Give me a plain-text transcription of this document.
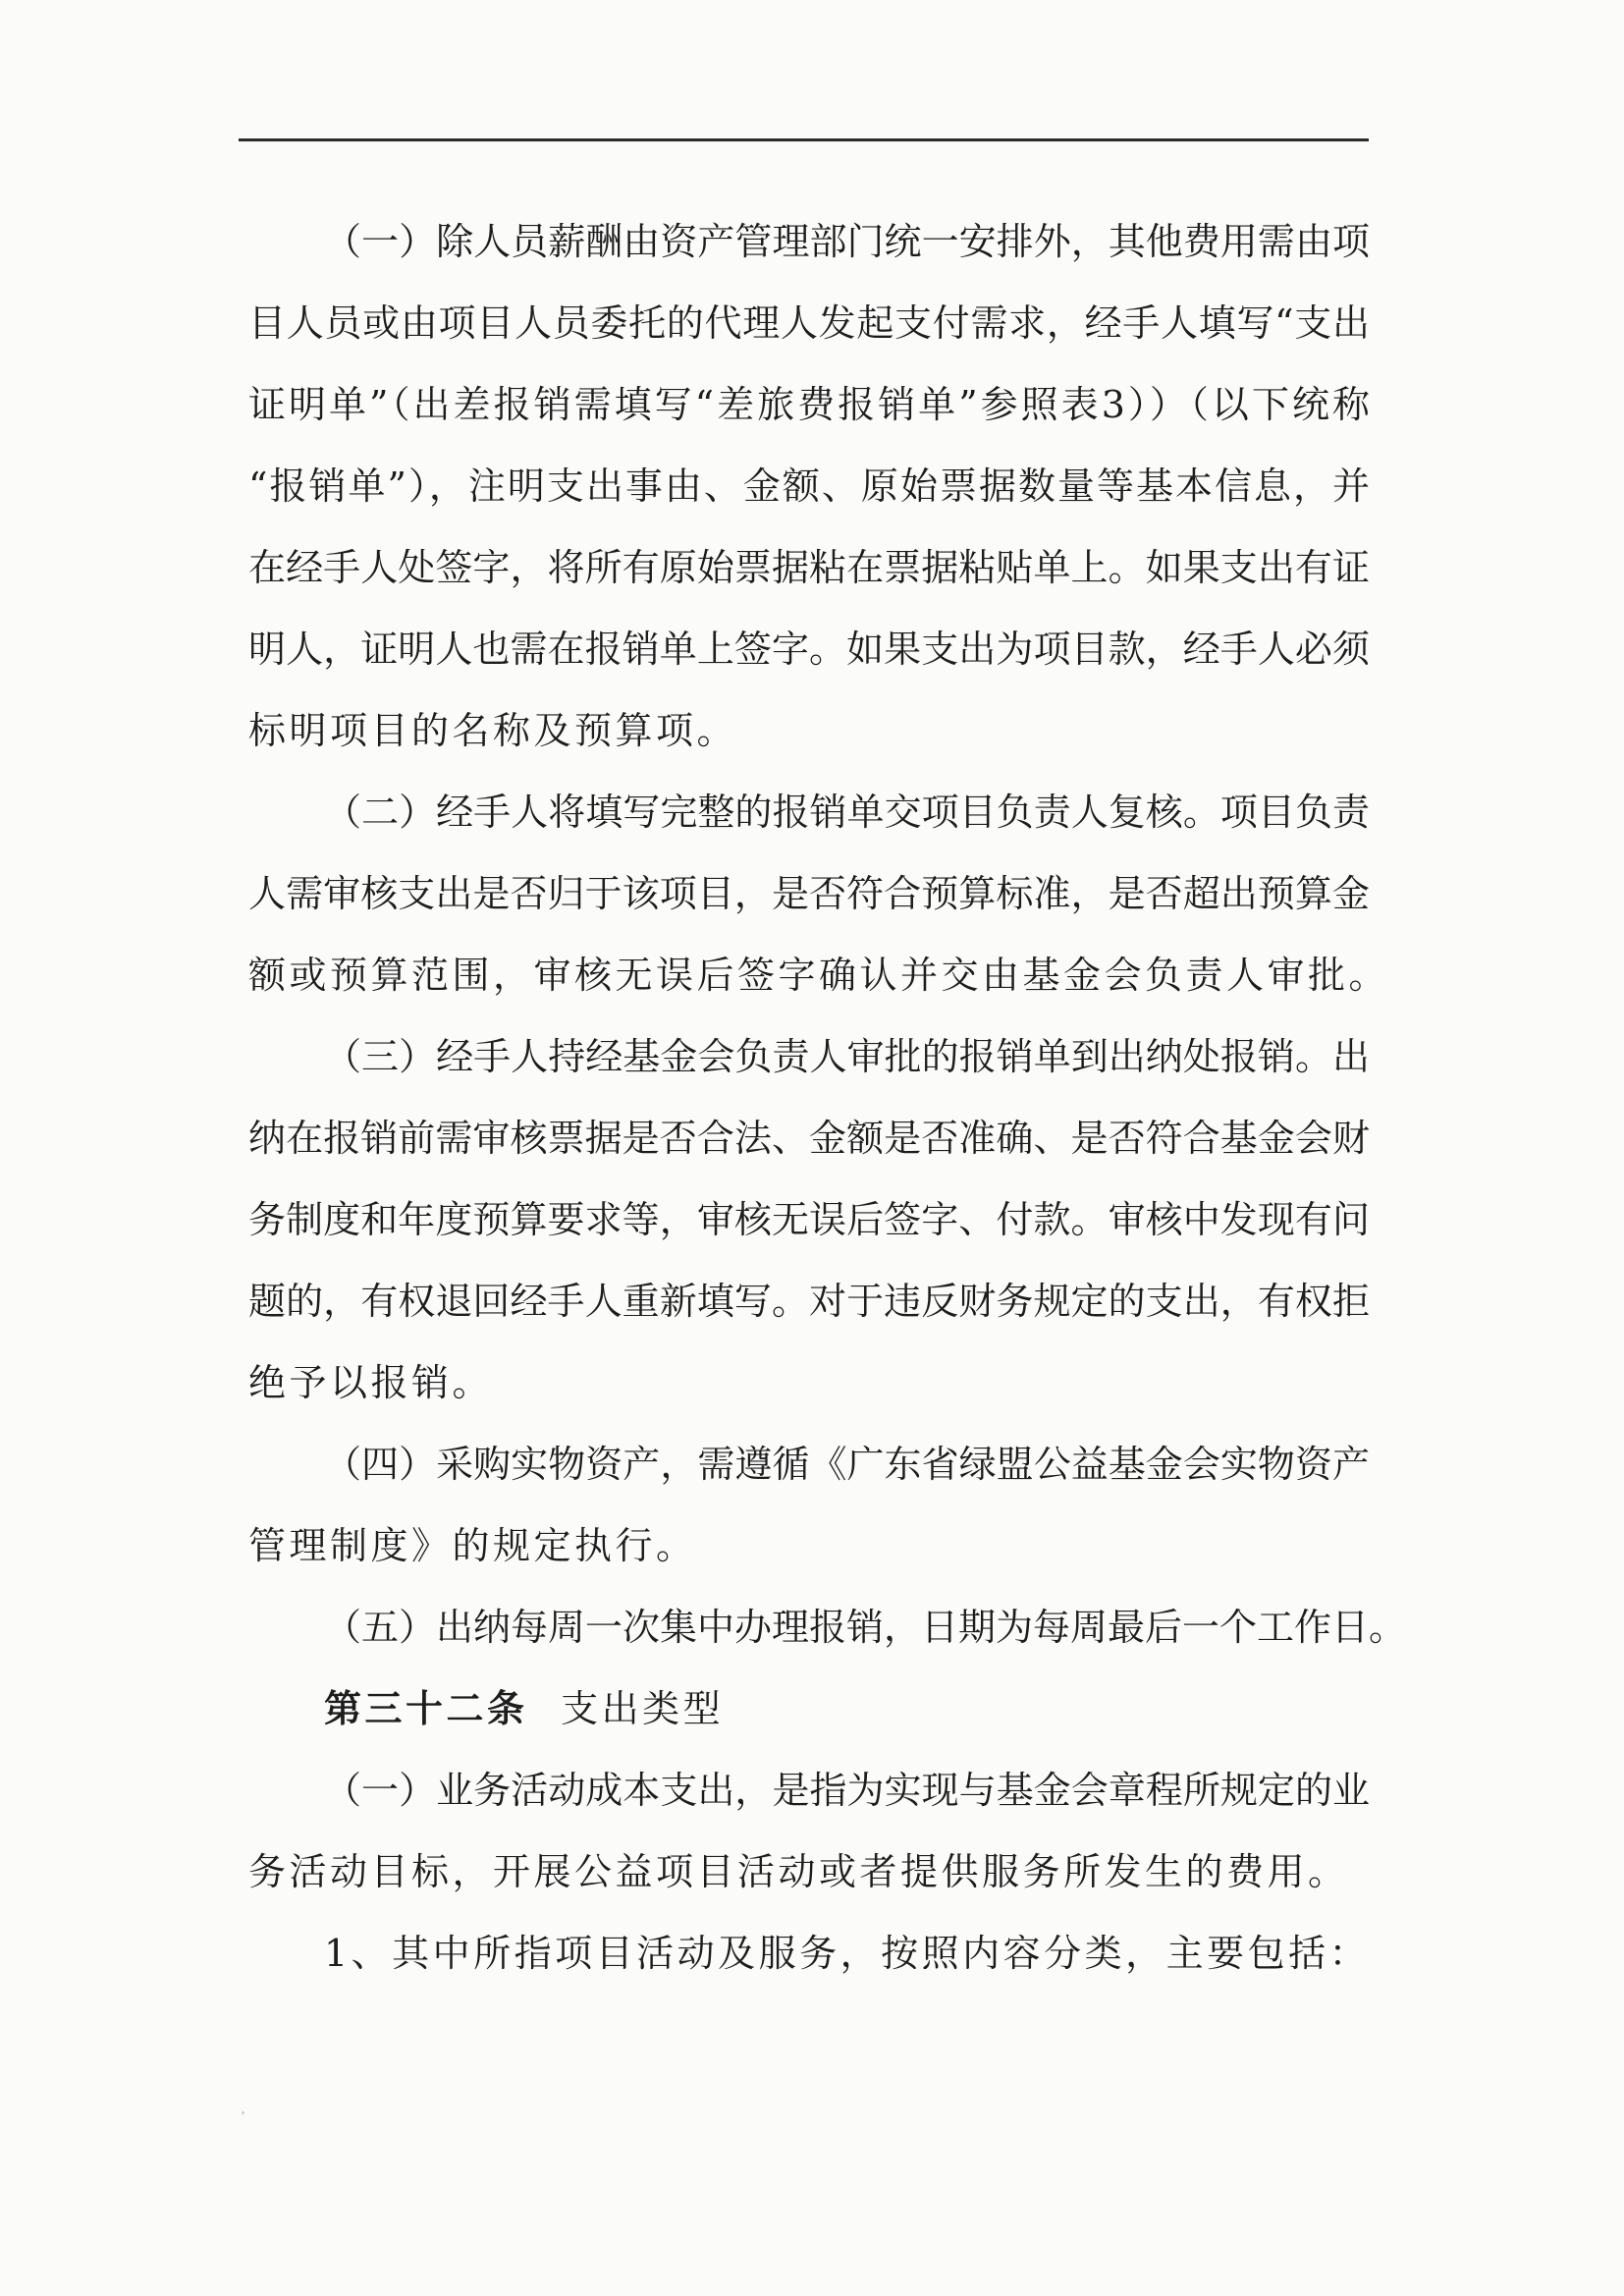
（一）除人员薪酬由资产管理部门统一安排外，其他费用需由项
目人员或由项目人员委托的代理人发起支付需求，经手人填写“支出
证明单”（出差报销需填写“差旅费报销单”参照表3））（以下统称
“报销单”），注明支出事由、金额、原始票据数量等基本信息，并
在经手人处签字，将所有原始票据粘在票据粘贴单上。如果支出有证
明人，证明人也需在报销单上签字。如果支出为项目款，经手人必须
标明项目的名称及预算项。
（二）经手人将填写完整的报销单交项目负责人复核。项目负责
人需审核支出是否归于该项目，是否符合预算标准，是否超出预算金
额或预算范围，审核无误后签字确认并交由基金会负责人审批。
（三）经手人持经基金会负责人审批的报销单到出纳处报销。出
纳在报销前需审核票据是否合法、金额是否准确、是否符合基金会财
务制度和年度预算要求等，审核无误后签字、付款。审核中发现有问
题的，有权退回经手人重新填写。对于违反财务规定的支出，有权拒
绝予以报销。
（四）采购实物资产，需遵循《广东省绿盟公益基金会实物资产
管理制度》的规定执行。
（五）出纳每周一次集中办理报销，日期为每周最后一个工作日。
第三十二条 支出类型
（一）业务活动成本支出，是指为实现与基金会章程所规定的业
务活动目标，开展公益项目活动或者提供服务所发生的费用。
1、其中所指项目活动及服务，按照内容分类，主要包括：
